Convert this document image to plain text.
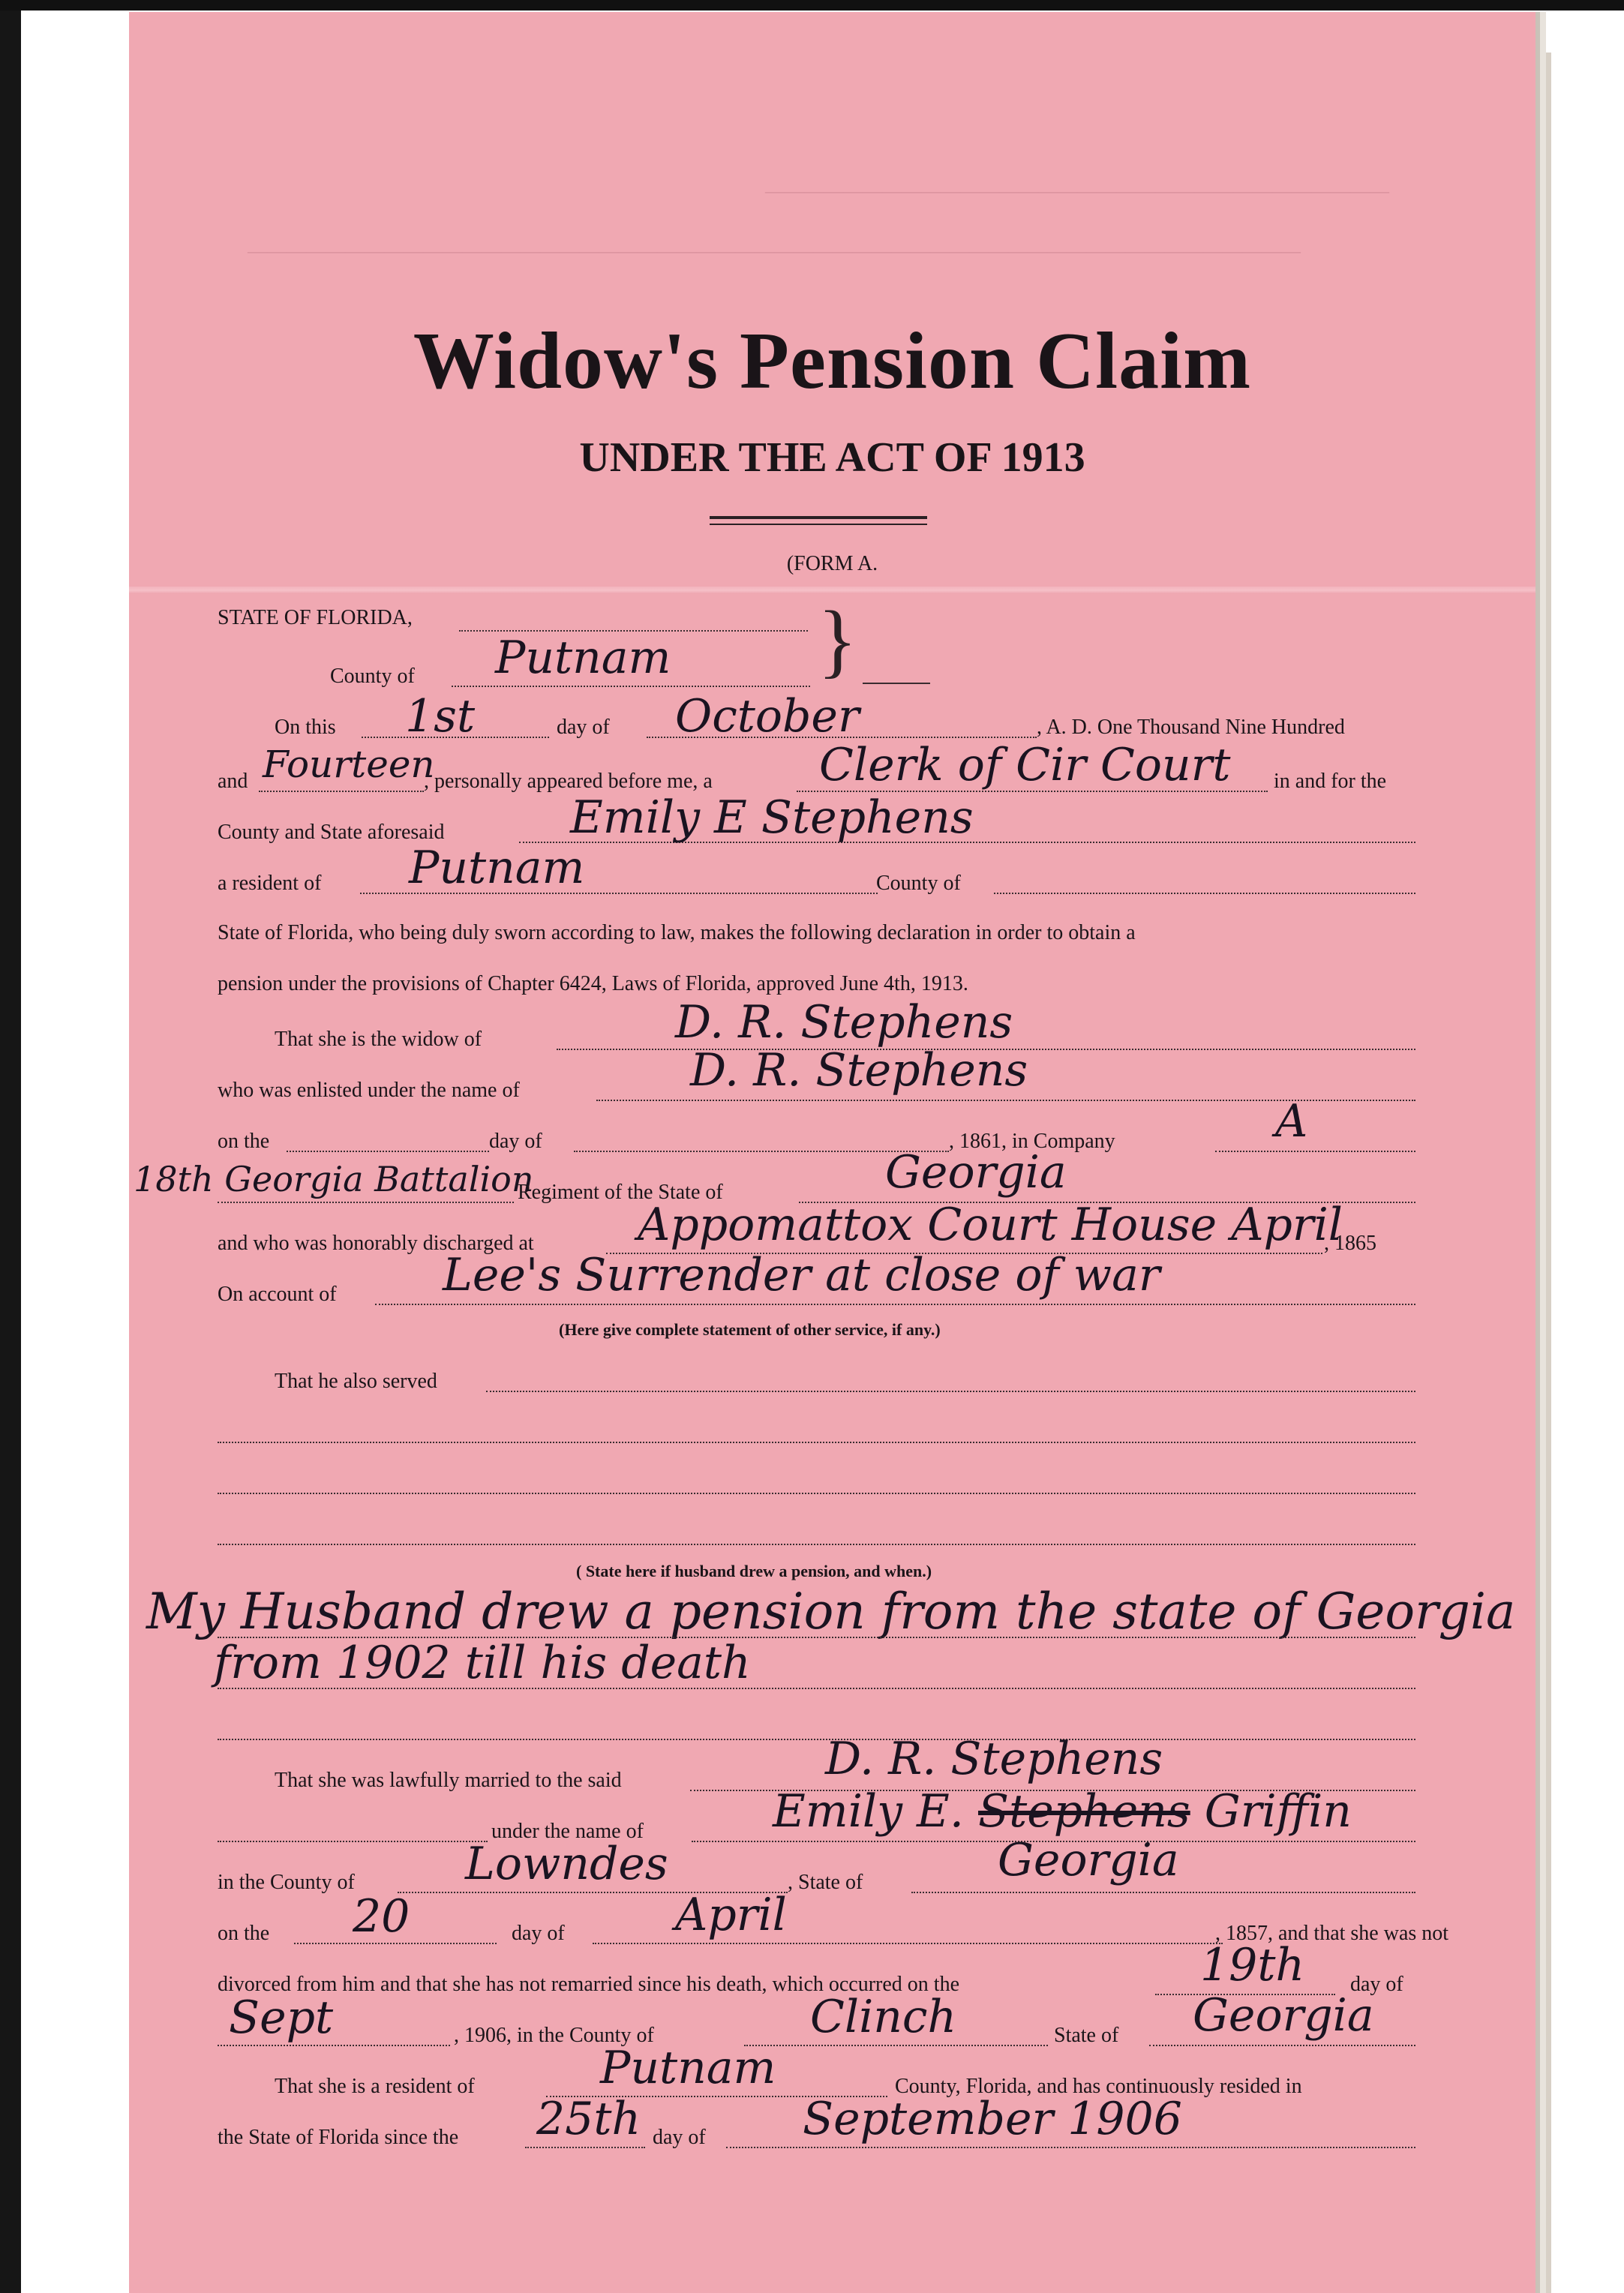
————————————————————————————————
——————————————————————————————————————————————————————
Widow's Pension Claim
UNDER THE ACT OF 1913
(FORM A.
STATE OF FLORIDA,	}
County of Putnam
On this 1st	day of October	, A. D. One Thousand Nine Hundred
and Fourteen
, personally appeared before me, a Clerk of Cir Court in and for the
County and State aforesaid	Emily E Stephens
a resident of Putnam	County of
State of Florida, who being duly sworn according to law, makes the following declaration in order to obtain a
pension under the provisions of Chapter 6424, Laws of Florida, approved June 4th, 1913.
That she is the widow of	D. R. Stephens
who was enlisted under the name of	D. R. Stephens
on the	day of	, 1861, in Company	A
18th Georgia Battalion
Regiment of the State of	Georgia
and who was honorably discharged at Appomattox Court House April
, 1865
On account of Lee's Surrender at close of war
(Here give complete statement of other service, if any.)
That he also served
( State here if husband drew a pension, and when.)
My Husband drew a pension from the state of Georgia
from 1902 till his death
That she was lawfully married to the said	D. R. Stephens
under the name of	Emily E. Stephens Griffin
in the County of Lowndes	, State of	Georgia
on the 20	day of April	, 1857, and that she was not
divorced from him and that she has not remarried since his death, which occurred on the	19th day of
Sept	, 1906, in the County of	Clinch	State of Georgia
That she is a resident of	Putnam	County, Florida, and has continuously resided in
the State of Florida since the 25th day of September 1906
